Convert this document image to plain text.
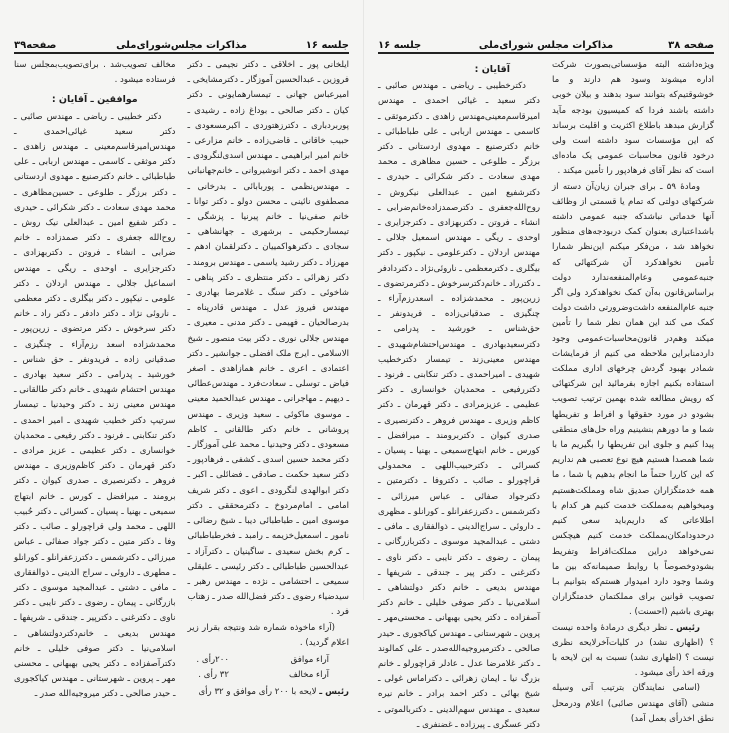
جلسه ۱۶
مذاکرات مجلس‌شورای‌ملی
صفحه۳۹

ایلخانی پور ـ اخلاقی ـ دکتر نجیمی ـ دکتر فروزین ـ عبدالحسین آموزگار ـ دکترمشایخی ـ امیرعباس جهانی ـ تیمسارهمایونی ـ دکتر کیان ـ دکتر صالحی ـ بوداغ زاده ـ رشیدی ـ پوربردباری ـ دکترزهتوردی ـ اکبرمسعودی ـ حبیب خاقانی ـ قاضی‌زاده ـ خانم مزارعی ـ خانم امیر ابراهیمی ـ مهندس اسدی‌لنگرودی ـ مهدی احمد ـ دکتر انوشیروانی ـ خانم‌جهانبانی ـ مهندس‌نظمی ـ پوربابائی ـ بدرخانی ـ مصطفوی نائینی ـ محسن دولو ـ دکتر توانا ـ خانم صفی‌نیا ـ خانم پیرنیا ـ پزشگی ـ تیمسارحکیمی ـ برشهری ـ جهانشاهی ـ سجادی ـ دکترهواکمییان ـ دکترلقمان ادهم ـ مهرزاد ـ دکتر رشید یاسمی ـ مهندس برومند ـ دکتر زهرائی ـ دکتر منتظری ـ دکتر پناهی ـ شاخوئی ـ دکتر سنگ ـ غلامرضا بهادری ـ مهندس فیروز عدل ـ مهندس قادرپناه ـ بدرصالحیان ـ فهیمی ـ دکتر مدنی ـ معیری ـ مهندس جلالی نوری ـ دکتر بیت منصور ـ شیخ الاسلامی ـ ایرج ملک افضلی ـ جوانشیر ـ دکتر اعتمادی ـ اعری ـ خانم همازاهدی ـ اصغر فیاض ـ توسلی ـ سعادت‌فرد ـ مهندس‌عطائی ـ دیهیم ـ مهاجرانی ـ مهندس عبدالحمید معینی ـ موسوی ماکوئی ـ سعید وزیری ـ مهندس پروشانی ـ خانم دکتر طالقانی ـ کاظم مسعودی ـ دکتر وحیدنیا ـ محمد علی آموزگار ـ دکتر محمد حسین اسدی ـ کشفی ـ فرهادپور ـ دکتر سعید حکمت ـ صادقی ـ فضائلی ـ اکبر ـ دکتر ابوالهدی لنگرودی ـ اعوی ـ دکتر شریف امامی ـ امام‌مردوخ ـ دکترمحققی ـ دکتر موسوی امین ـ طباطبائی دیبا ـ شیخ رضائی ـ نامور ـ اسمعیل‌خزیمه ـ رامبد ـ فخرطباطبائی ـ کرم بخش سعیدی ـ ساگینیان ـ دکترآزاد ـ عبدالحسین طباطبائی ـ دکتر رئیسی ـ علیقلی سمیعی ـ احتشامی ـ نژده ـ مهندس رهبر ـ سیدضیاء رضوی ـ دکتر فضل‌الله صدر ـ زهتاب فرد .

(آراء ماخوذه شماره شد ونتیجه بقرار زیر اعلام گردید) .

آراء موافق
۲۰۰رأی .
آراء مخالف
۳۲ رأی .

رئیس ـ لایحه با ۲۰۰ رأی موافق و ۳۲ رأی

مخالف تصویب‌شد . برای‌تصویب‌بمجلس سنا فرستاده میشود .

موافقین ـ آقایان :

دکتر خطیبی ـ ریاضی ـ مهندس صائبی ـ دکتر سعید غیائی‌احمدی ـ مهندس‌امیرقاسم‌معینی ـ مهندس زاهدی ـ دکتر موثقی ـ کاسمی ـ مهندس اربابی ـ علی طباطبائی ـ خانم دکترصنیع ـ مهدوی اردستانی ـ دکتر برزگر ـ طلوعی ـ حسین‌مظاهری ـ محمد مهدی سعادت ـ دکتر شکرائی ـ حیدری ـ دکتر شفیع امین ـ عبدالعلی نیک روش ـ روح‌الله جعفری ـ دکتر صمدزاده ـ خانم ضرابی ـ انشاء ـ فروتن ـ دکتربهزادی ـ دکترجزایری ـ اوحدی ـ ریگی ـ مهندس اسماعیل جلالی ـ مهندس اردلان ـ دکتر علومی ـ نیکپور ـ دکتر بیگلری ـ دکتر معظمی ـ ناروئی نژاد ـ دکتر دادفر ـ دکتر راد ـ خانم دکتر سرخوش ـ دکتر مرتضوی ـ زرین‌پور ـ محمدشزاده اسعد رزم‌آراء ـ چنگیزی ـ صدقیانی زاده ـ فریدونفر ـ حق شناس ـ خورشید ـ پدرامی ـ دکتر سعید بهادری ـ مهندس احتشام شهیدی ـ خانم دکتر طالقانی ـ مهندس معینی زند ـ دکتر وحیدنیا ـ تیمسار سرتیپ دکتر خطیب شهیدی ـ امیر احمدی ـ دکتر تنکابنی ـ فرنود ـ دکتر رفیعی ـ محمدیان خوانساری ـ دکتر عظیمی ـ عزیز مرادی ـ دکتر قهرمان ـ دکتر کاظم‌وزیری ـ مهندس فروهر ـ دکترنصیری ـ صدری کیوان ـ دکتر برومند ـ میرافضل ـ کورس ـ خانم ابتهاج سمیعی ـ بهنیا ـ پسیان ـ کسرائی ـ دکتر حُبیب اللهی ـ محمد ولی قراچورلو ـ صائب ـ دکتر وفا ـ دکتر متین ـ دکتر جواد صفائی ـ عباس میرزائی ـ دکترشمس ـ دکترزعفرانلو ـ کورانلو ـ مطهری ـ داروئی ـ سراج الدینی ـ ذوالفقاری ـ مافی ـ دشتی ـ عبدالمجید موسوی ـ دکتر بازرگانی ـ پیمان ـ رضوی ـ دکتر نایبی ـ دکتر ناوی ـ دکترغنی ـ دکترپیر ـ جندقی ـ شریفها ـ مهندس بدیعی ـ خانم‌دکتردولتشاهی ـ اسلامی‌نیا ـ دکتر صوفی خلیلی ـ خانم دکترآصفزاده ـ دکتر یحیی بهبهانی ـ محسنی مهر ـ پروین ـ شهرستانی ـ مهندس کیاکجوری ـ حیدر صالحی ـ دکتر میروجیه‌الله صدر ـ

صفحه ۳۸
مذاکرات مجلس شورای‌ملی
جلسه ۱۶

ویژه‌داشته البته مؤسساتی‌بصورت شرکت اداره میشوند وسود هم دارند و ما خوشوقتیم‌که بتوانند سود بدهند و بیلان خوبی داشته باشند فردا که کمیسیون بودجه مآید گزارش مبدهد باطلاع اکثریت و اقلیت برساند که این مؤسسات سود داشته است ولی درخود قانون محاسبات عمومی یک ماده‌ای است که نظر آقای فرهادپور را تأمین میکند .

ومادهٔ ۵۹ ـ برای جبران زیان‌آن دسته از شرکتهای دولتی که تمام یا قسمتی از وظائف آنها خدماتی نباشدکه جنبه عمومی داشته باشداعتباری بعنوان کمک دربودجه‌های منظور نخواهد شد ، من‌فکر میکنم این‌نظر شمارا تأمین نخواهدکرد آن شرکتهائی که جنبه‌عمومی وعام‌المنفعه‌ندارد دولت براساس‌قانون به‌آن کمک نخواهدکرد ولی اگر جنبه عام‌المنفعه داشت‌وضرورتی داشت دولت کمک می کند این همان نظر شما را تأمین میکند وهم‌در قانون‌محاسبات‌عمومی وجود داردمنابراین ملاحظه می کنیم از فرمایشات شمادر بهبود گردش چرخهای اداری مملکت استفاده بکنیم اجازه بفرمائید این شرکتهائی که رویش مطالعه شده بهمین ترتیب تصویب بشودو در مورد حقوقها و افراط و تفریطها شما و ما دورهم بنشینیم وراه حل‌های منطقی پیدا کنیم و جلوی این تفریطها را بگیریم ما با شما همصدا هستیم هیچ نوع تعصبی هم نداریم که این کاررا حتماً ما انجام بدهیم یا شما ، ما همه خدمتگزاران صدیق شاه ومملکت‌هستیم ومیخواهیم به‌مملکت خدمت کنیم هر کدام با اطلاعاتی که داریم‌باید سعی کنیم درحدودامکان‌بمملکت خدمت کنیم هیچکس نمی‌خواهد دراین مملکت‌افراط وتفریط بشودوخصوصاً با روابط صمیمانه‌که بین ما وشما وجود دارد امیدوار هستم‌که بتوانیم بـا تصویب قوانین برای مملکتمان خدمتگزاران بهتری باشیم (احسنت) .

رئیس ـ نظر دیگری درمادهٔ واحده نیست ؟ (اظهاری نشد) در کلیات‌آخرلایحه نظری نیست ؟ (اظهاری نشد) نسبت به این لایحه با ورقه اخذ رأی میشود .

(اسامی نمایندگان بترتیب آتی وسیله منشی (آقای مهندس صائبی) اعلام ودرمحل نطق اخذرأی بعمل آمد)

آقایان :

دکترخطیبی ـ ریاضی ـ مهندس صائبی ـ دکتر سعید ـ غیائی احمدی ـ مهندس امیرقاسم‌معینی‌مهندس زاهدی ـ دکترموثقی ـ کاسمی ـ مهندس اربابی ـ علی طباطبائی ـ خانم دکترصنیع ـ مهدوی اردستانی ـ دکتر برزگر ـ طلوعی ـ حسین مظاهری ـ محمد مهدی سعادت ـ دکتر شکرائی ـ حیدری ـ دکترشفیع امین ـ عبدالعلی نیکروش ـ روح‌الله‌جعفری ـ دکترصمدزاده‌خانم‌ضرابی ـ انشاء ـ فروتن ـ دکتربهزادی ـ دکترجزایری ـ اوحدی ـ ریگی ـ مهندس اسمعیل جلالی ـ مهندس اردلان ـ دکترعلومی ـ نیکپور ـ دکتر بیگلری ـ دکترمعظمی ـ ناروئی‌نژاد ـ دکتردادفر ـ دکترراد ـ خانم‌دکترسرخوش ـ دکترمرتضوی ـ زرین‌پور ـ محمدشزاده ـ اسعدرزم‌آراء ـ چنگیزی ـ صدقیانی‌زاده ـ فریدونفر ـ حق‌شناس ـ خورشید ـ پدرامی ـ دکترسعیدبهادری ـ مهندس‌احتشام‌شهیدی ـ مهندس معینی‌زند ـ تیمسار دکترخطیب شهیدی ـ امیراحمدی ـ دکتر تنکابنی ـ فرنود ـ دکتررفیعی ـ محمدیان خوانساری ـ دکتر عظیمی ـ عزیزمرادی ـ دکتر قهرمان ـ دکتر کاظم وزیری ـ مهندس فروهر ـ دکترنصیری ـ صدری کیوان ـ دکتربرومند ـ میرافضل ـ کورس ـ خانم ابتهاج‌سمیعی ـ بهنیا ـ پسیان ـ کسرائی ـ دکترحبیب‌اللهی ـ محمدولی قراچورلو ـ صائب ـ دکتروفا ـ دکترمتین ـ دکترجواد صفائی ـ عباس میرزائی ـ دکترشمس ـ دکترزعفرانلو ـ کورانلو ـ مظهری ـ داروئی ـ سراج‌الدینی ـ ذوالفقاری ـ مافی ـ دشتی ـ عبدالمجید موسوی ـ دکتربازرگانی ـ پیمان ـ رضوی ـ دکتر نایبی ـ دکتر ناوی ـ دکترغنی ـ دکتر پیر ـ جندقی ـ شریفها ـ مهندس بدیعی ـ خانم دکتر دولتشاهی ـ اسلامی‌نیا ـ دکتر صوفی خلیلی ـ خانم دکتر آصفزاده ـ دکتر یحیی بهبهانی ـ محسنی‌مهر ـ پروین ـ شهرستانی ـ مهندس کیاکجوری ـ حیدر صالحی ـ دکترمیروجیه‌الله‌صدر ـ علی کمالوند ـ دکتر غلامرضا عدل ـ عادلر قراچورلو ـ خانم بزرگ نیا ـ ایمان زهرائی ـ دکتراماس غولی ـ شیخ بهائی ـ دکتر احمد برادر ـ خانم نیره سعیدی ـ مهندس سهم‌الدینی ـ دکتربالموتی ـ دکتر عسگری ـ پیرزاده ـ غضنفری ـ
